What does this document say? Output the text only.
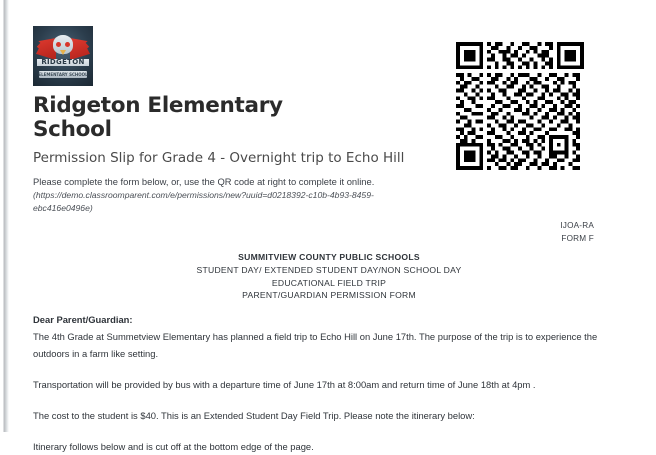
RIDGETON
ELEMENTARY SCHOOL
Ridgeton Elementary School
Permission Slip for Grade 4 - Overnight trip to Echo Hill

Please complete the form below, or, use the QR code at right to complete it online.
(https://demo.classroomparent.com/e/permissions/new?uuid=d0218392-c10b-4b93-8459-ebc416e0496e)

IJOA-RA
FORM F
SUMMITVIEW COUNTY PUBLIC SCHOOLS
STUDENT DAY/ EXTENDED STUDENT DAY/NON SCHOOL DAY
EDUCATIONAL FIELD TRIP
PARENT/GUARDIAN PERMISSION FORM
Dear Parent/Guardian:
The 4th Grade at Summetview Elementary has planned a field trip to Echo Hill on June 17th. The purpose of the trip is to experience the outdoors in a farm like setting.
Transportation will be provided by bus with a departure time of June 17th at 8:00am and return time of June 18th at 4pm .
The cost to the student is $40. This is an Extended Student Day Field Trip. Please note the itinerary below:
Itinerary follows below and is cut off at the bottom edge of the page.
